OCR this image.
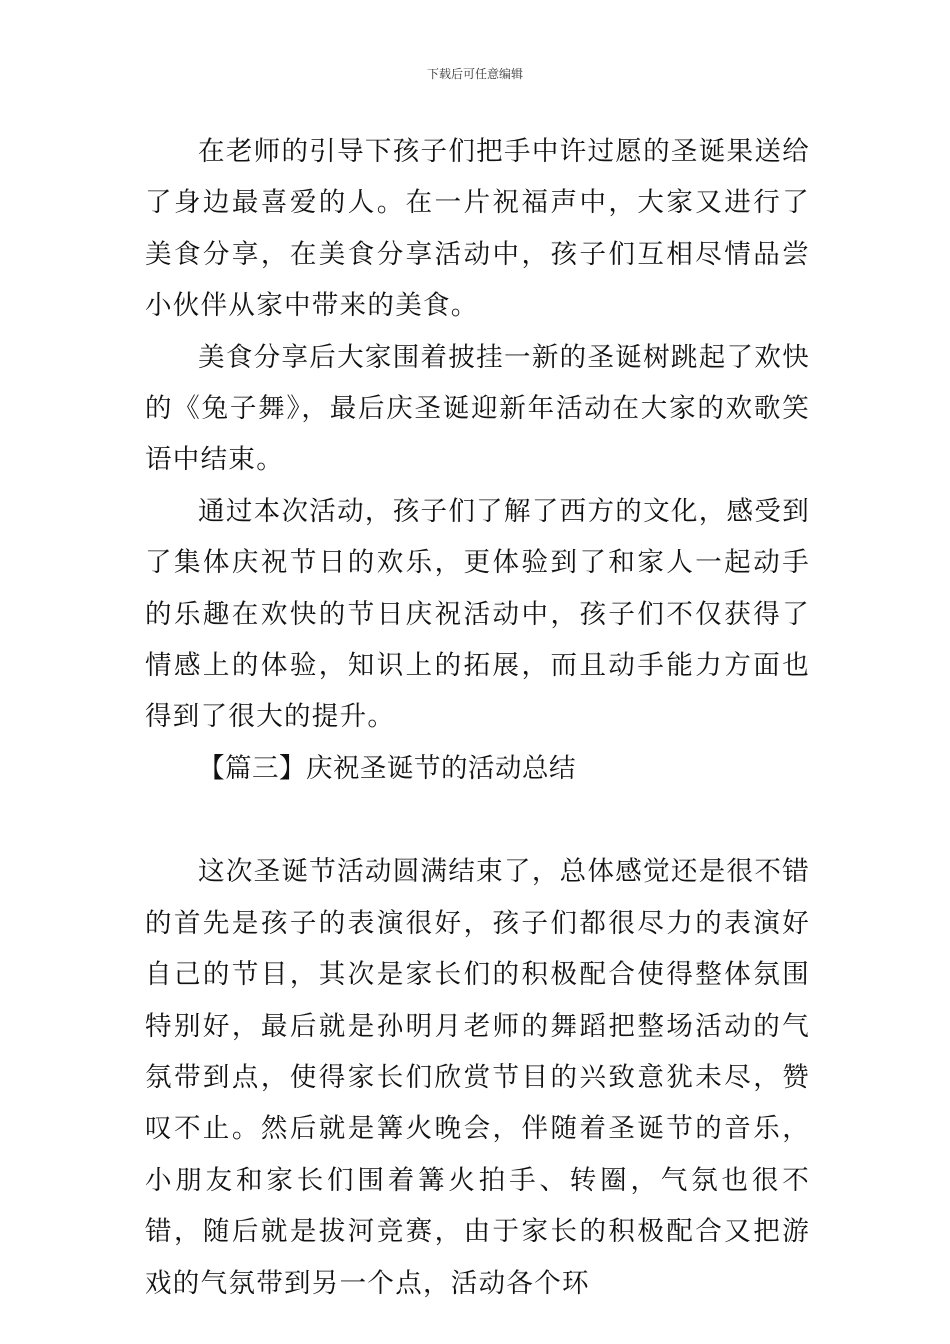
下载后可任意编辑

在老师的引导下孩子们把手中许过愿的圣诞果送给了身边最喜爱的人。在一片祝福声中，大家又进行了美食分享，在美食分享活动中，孩子们互相尽情品尝小伙伴从家中带来的美食。

美食分享后大家围着披挂一新的圣诞树跳起了欢快的《兔子舞》，最后庆圣诞迎新年活动在大家的欢歌笑语中结束。

通过本次活动，孩子们了解了西方的文化，感受到了集体庆祝节日的欢乐，更体验到了和家人一起动手的乐趣在欢快的节日庆祝活动中，孩子们不仅获得了情感上的体验，知识上的拓展，而且动手能力方面也得到了很大的提升。

【篇三】庆祝圣诞节的活动总结

这次圣诞节活动圆满结束了，总体感觉还是很不错的首先是孩子的表演很好，孩子们都很尽力的表演好自己的节目，其次是家长们的积极配合使得整体氛围特别好，最后就是孙明月老师的舞蹈把整场活动的气氛带到点，使得家长们欣赏节目的兴致意犹未尽，赞叹不止。然后就是篝火晚会，伴随着圣诞节的音乐，小朋友和家长们围着篝火拍手、转圈，气氛也很不错，随后就是拔河竞赛，由于家长的积极配合又把游戏的气氛带到另一个点，活动各个环
